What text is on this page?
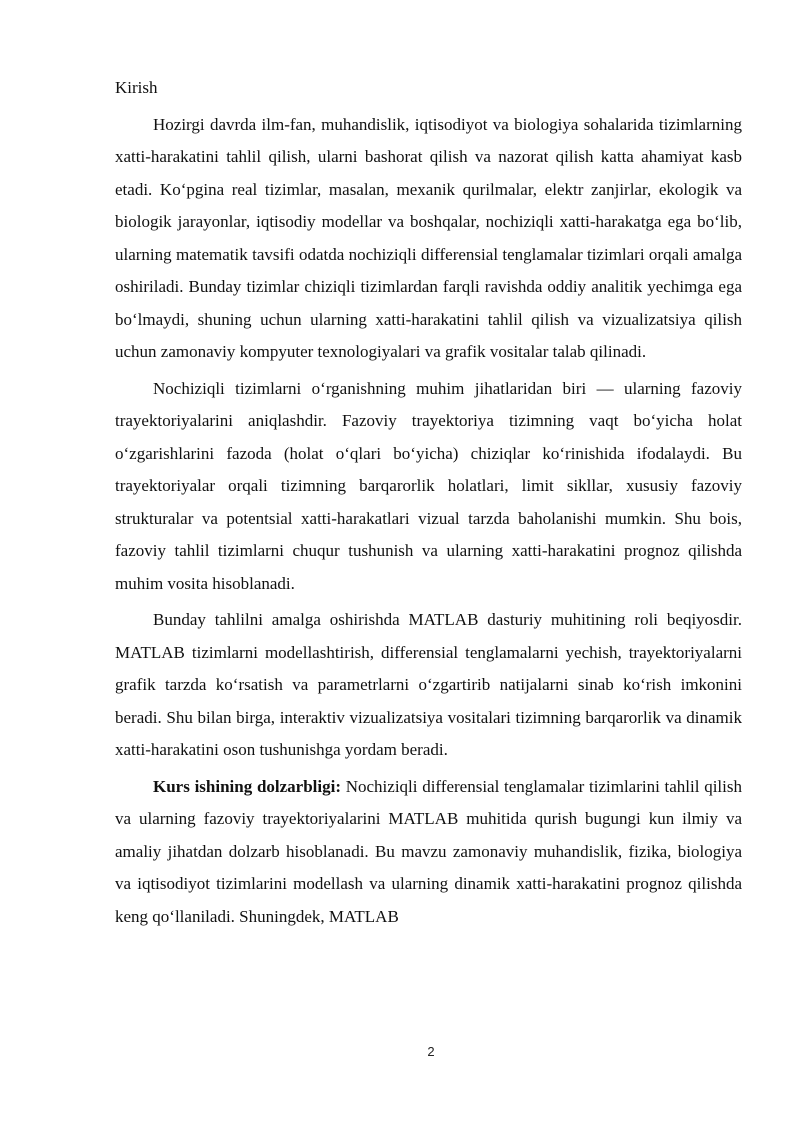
Kirish

Hozirgi davrda ilm-fan, muhandislik, iqtisodiyot va biologiya sohalarida tizimlarning xatti-harakatini tahlil qilish, ularni bashorat qilish va nazorat qilish katta ahamiyat kasb etadi. Koʻpgina real tizimlar, masalan, mexanik qurilmalar, elektr zanjirlar, ekologik va biologik jarayonlar, iqtisodiy modellar va boshqalar, nochiziqli xatti-harakatga ega boʻlib, ularning matematik tavsifi odatda nochiziqli differensial tenglamalar tizimlari orqali amalga oshiriladi. Bunday tizimlar chiziqli tizimlardan farqli ravishda oddiy analitik yechimga ega boʻlmaydi, shuning uchun ularning xatti-harakatini tahlil qilish va vizualizatsiya qilish uchun zamonaviy kompyuter texnologiyalari va grafik vositalar talab qilinadi.

Nochiziqli tizimlarni oʻrganishning muhim jihatlaridan biri — ularning fazoviy trayektoriyalarini aniqlashdir. Fazoviy trayektoriya tizimning vaqt boʻyicha holat oʻzgarishlarini fazoda (holat oʻqlari boʻyicha) chiziqlar koʻrinishida ifodalaydi. Bu trayektoriyalar orqali tizimning barqarorlik holatlari, limit sikllar, xususiy fazoviy strukturalar va potentsial xatti-harakatlari vizual tarzda baholanishi mumkin. Shu bois, fazoviy tahlil tizimlarni chuqur tushunish va ularning xatti-harakatini prognoz qilishda muhim vosita hisoblanadi.

Bunday tahlilni amalga oshirishda MATLAB dasturiy muhitining roli beqiyosdir. MATLAB tizimlarni modellashtirish, differensial tenglamalarni yechish, trayektoriyalarni grafik tarzda koʻrsatish va parametrlarni oʻzgartirib natijalarni sinab koʻrish imkonini beradi. Shu bilan birga, interaktiv vizualizatsiya vositalari tizimning barqarorlik va dinamik xatti-harakatini oson tushunishga yordam beradi.

Kurs ishining dolzarbligi: Nochiziqli differensial tenglamalar tizimlarini tahlil qilish va ularning fazoviy trayektoriyalarini MATLAB muhitida qurish bugungi kun ilmiy va amaliy jihatdan dolzarb hisoblanadi. Bu mavzu zamonaviy muhandislik, fizika, biologiya va iqtisodiyot tizimlarini modellash va ularning dinamik xatti-harakatini prognoz qilishda keng qoʻllaniladi. Shuningdek, MATLAB

2
